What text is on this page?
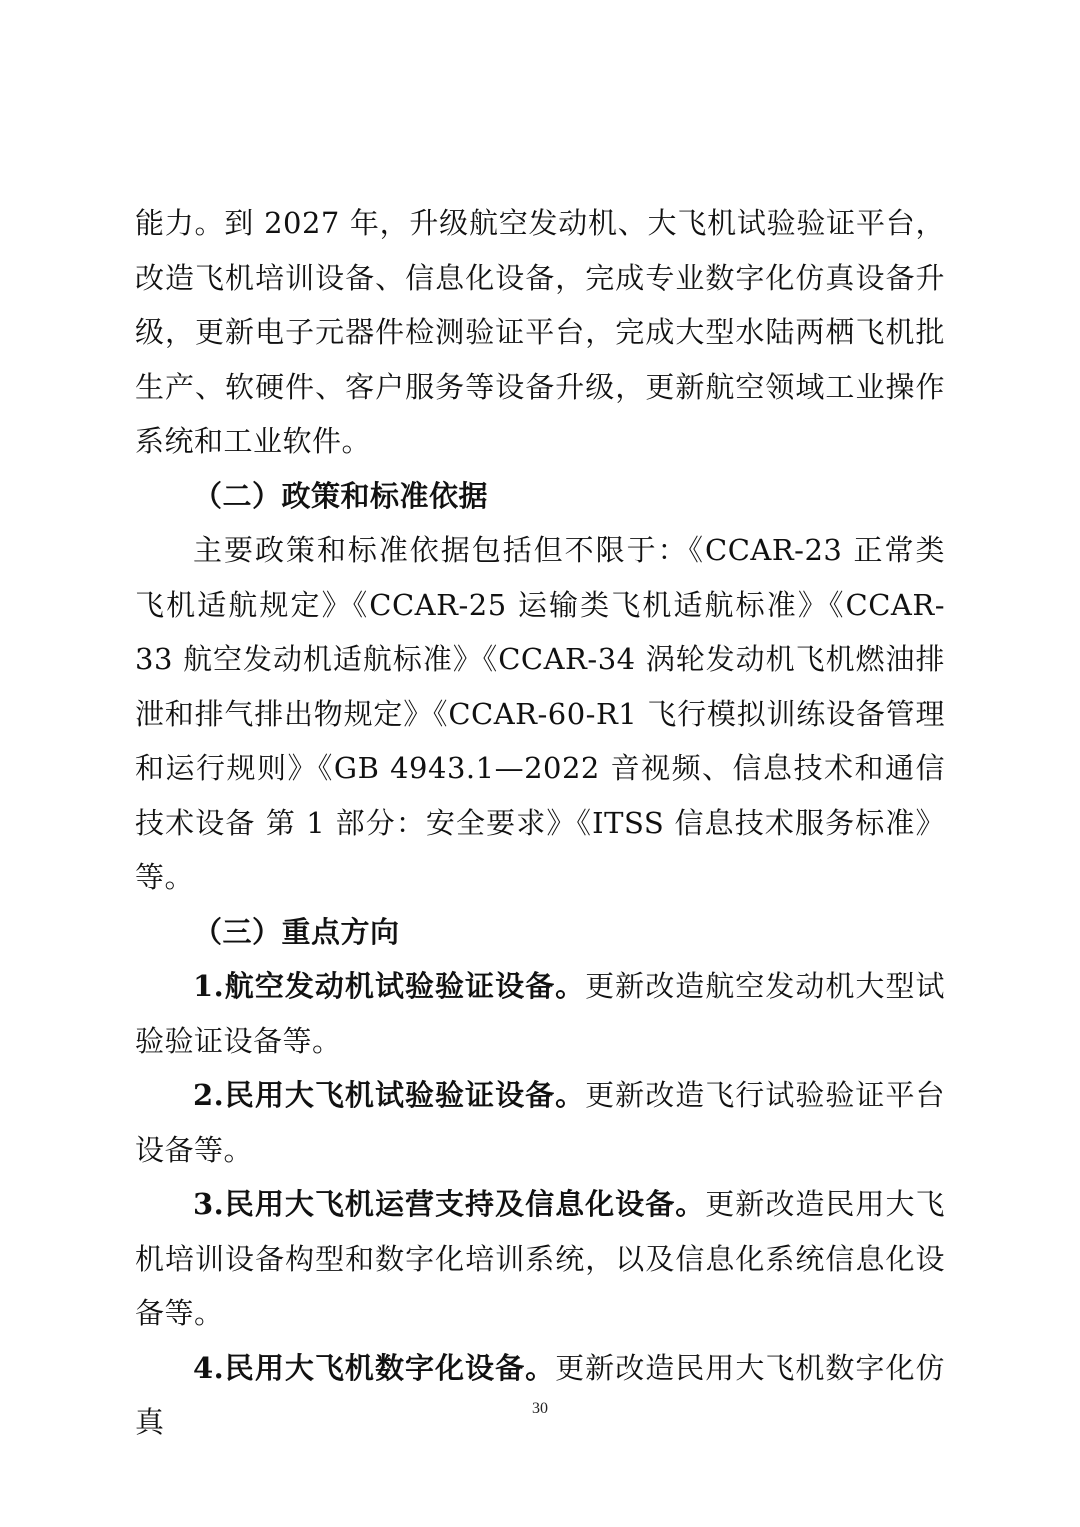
能力。到 2027 年，升级航空发动机、大飞机试验验证平台，改造飞机培训设备、信息化设备，完成专业数字化仿真设备升级，更新电子元器件检测验证平台，完成大型水陆两栖飞机批生产、软硬件、客户服务等设备升级，更新航空领域工业操作系统和工业软件。

（二）政策和标准依据

主要政策和标准依据包括但不限于：《CCAR-23 正常类飞机适航规定》《CCAR-25 运输类飞机适航标准》《CCAR-33 航空发动机适航标准》《CCAR-34 涡轮发动机飞机燃油排泄和排气排出物规定》《CCAR-60-R1 飞行模拟训练设备管理和运行规则》《GB 4943.1—2022 音视频、信息技术和通信技术设备 第 1 部分：安全要求》《ITSS 信息技术服务标准》等。

（三）重点方向

1.航空发动机试验验证设备。更新改造航空发动机大型试验验证设备等。

2.民用大飞机试验验证设备。更新改造飞行试验验证平台设备等。

3.民用大飞机运营支持及信息化设备。更新改造民用大飞机培训设备构型和数字化培训系统，以及信息化系统信息化设备等。

4.民用大飞机数字化设备。更新改造民用大飞机数字化仿真	30
